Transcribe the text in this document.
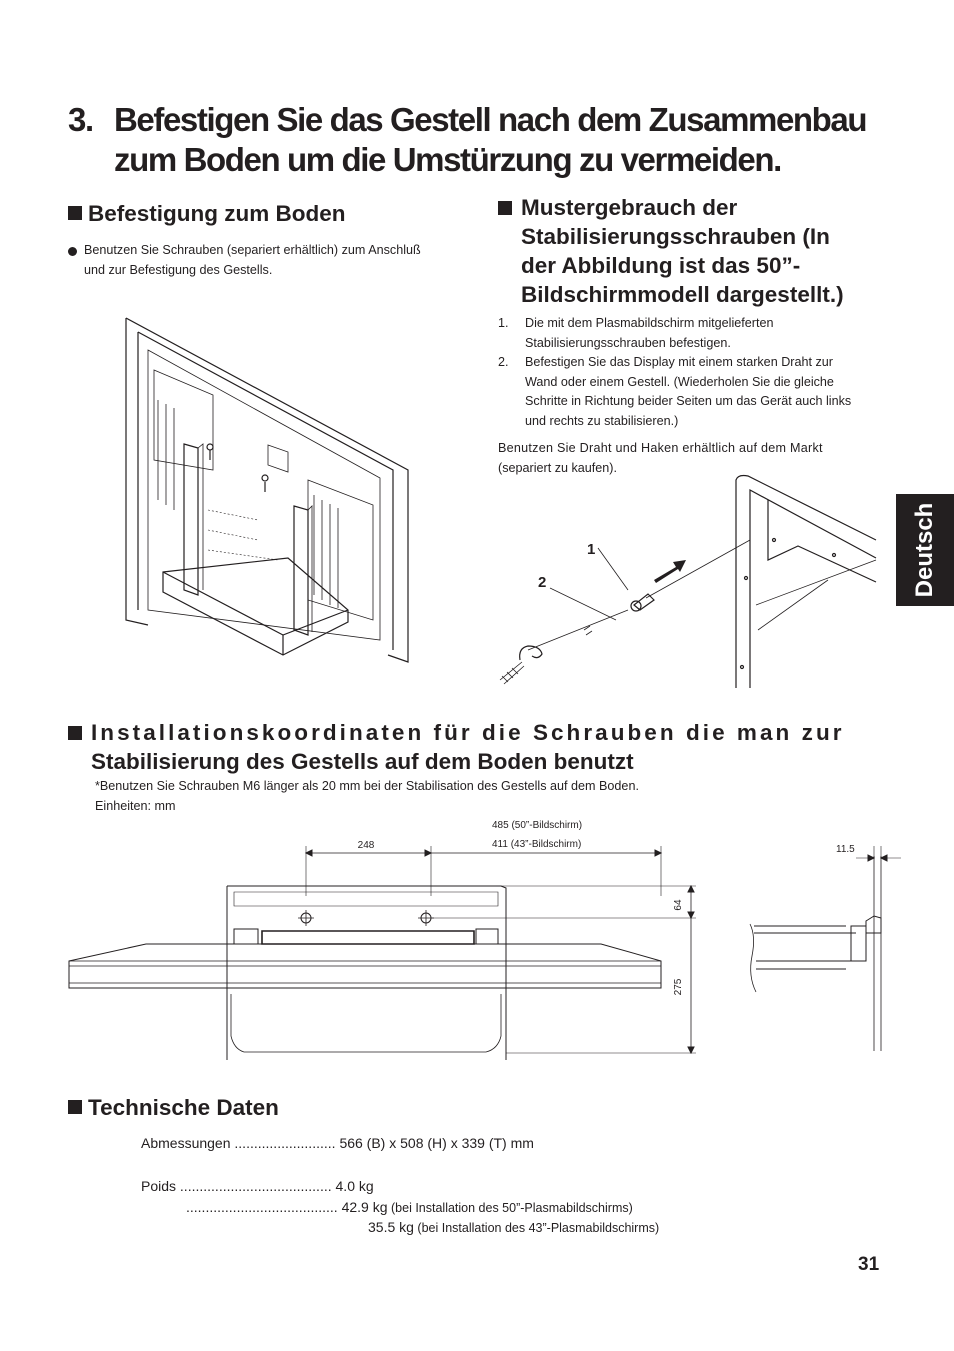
3. Befestigen Sie das Gestell nach dem Zusammenbau
zum Boden um die Umstürzung zu vermeiden.
Befestigung zum Boden
Benutzen Sie Schrauben (separiert erhältlich) zum Anschluß
und zur Befestigung des Gestells.
Mustergebrauch der
Stabilisierungsschrauben (In
der Abbildung ist das 50”-
Bildschirmmodell dargestellt.)
1. Die mit dem Plasmabildschirm mitgelieferten
Stabilisierungsschrauben befestigen.
2. Befestigen Sie das Display mit einem starken Draht zur
Wand oder einem Gestell. (Wiederholen Sie die gleiche
Schritte in Richtung beider Seiten um das Gerät auch links
und rechts zu stabilisieren.)
Benutzen Sie Draht und Haken erhältlich auf dem Markt
(separiert zu kaufen).
1
2
Installationskoordinaten für die Schrauben die man zur
Stabilisierung des Gestells auf dem Boden benutzt
*Benutzen Sie Schrauben M6 länger als 20 mm bei der Stabilisation des Gestells auf dem Boden.
Einheiten: mm
248
485 (50”-Bildschirm)
411 (43”-Bildschirm)
64
275
11.5
Technische Daten
Abmessungen .......................... 566 (B) x 508 (H) x 339 (T) mm
Poids ....................................... 4.0 kg
....................................... 42.9 kg (bei Installation des 50”-Plasmabildschirms)
35.5 kg (bei Installation des 43”-Plasmabildschirms)
Deutsch
31
